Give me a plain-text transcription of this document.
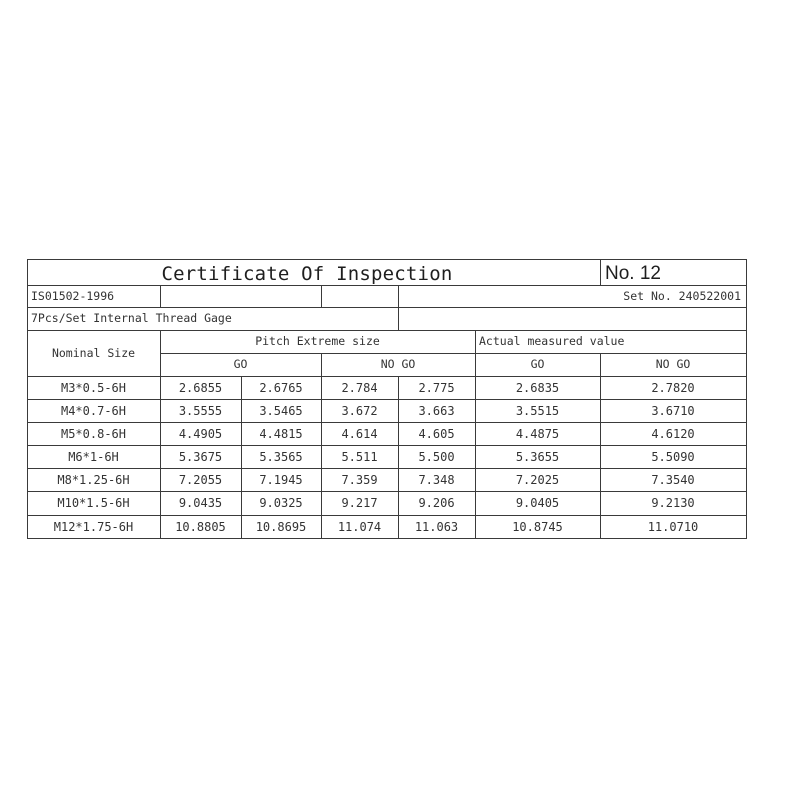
Certificate Of Inspection	No. 12
IS01502-1996	Set No. 240522001
7Pcs/Set Internal Thread Gage
Nominal Size
Pitch Extreme size	Actual measured value
GO	NO GO	GO	NO GO
M3*0.5-6H	2.6855	2.6765	2.784	2.775	2.6835	2.7820
M4*0.7-6H	3.5555	3.5465	3.672	3.663	3.5515	3.6710
M5*0.8-6H	4.4905	4.4815	4.614	4.605	4.4875	4.6120
M6*1-6H	5.3675	5.3565	5.511	5.500	5.3655	5.5090
M8*1.25-6H	7.2055	7.1945	7.359	7.348	7.2025	7.3540
M10*1.5-6H	9.0435	9.0325	9.217	9.206	9.0405	9.2130
M12*1.75-6H	10.8805	10.8695	11.074	11.063	10.8745	11.0710
